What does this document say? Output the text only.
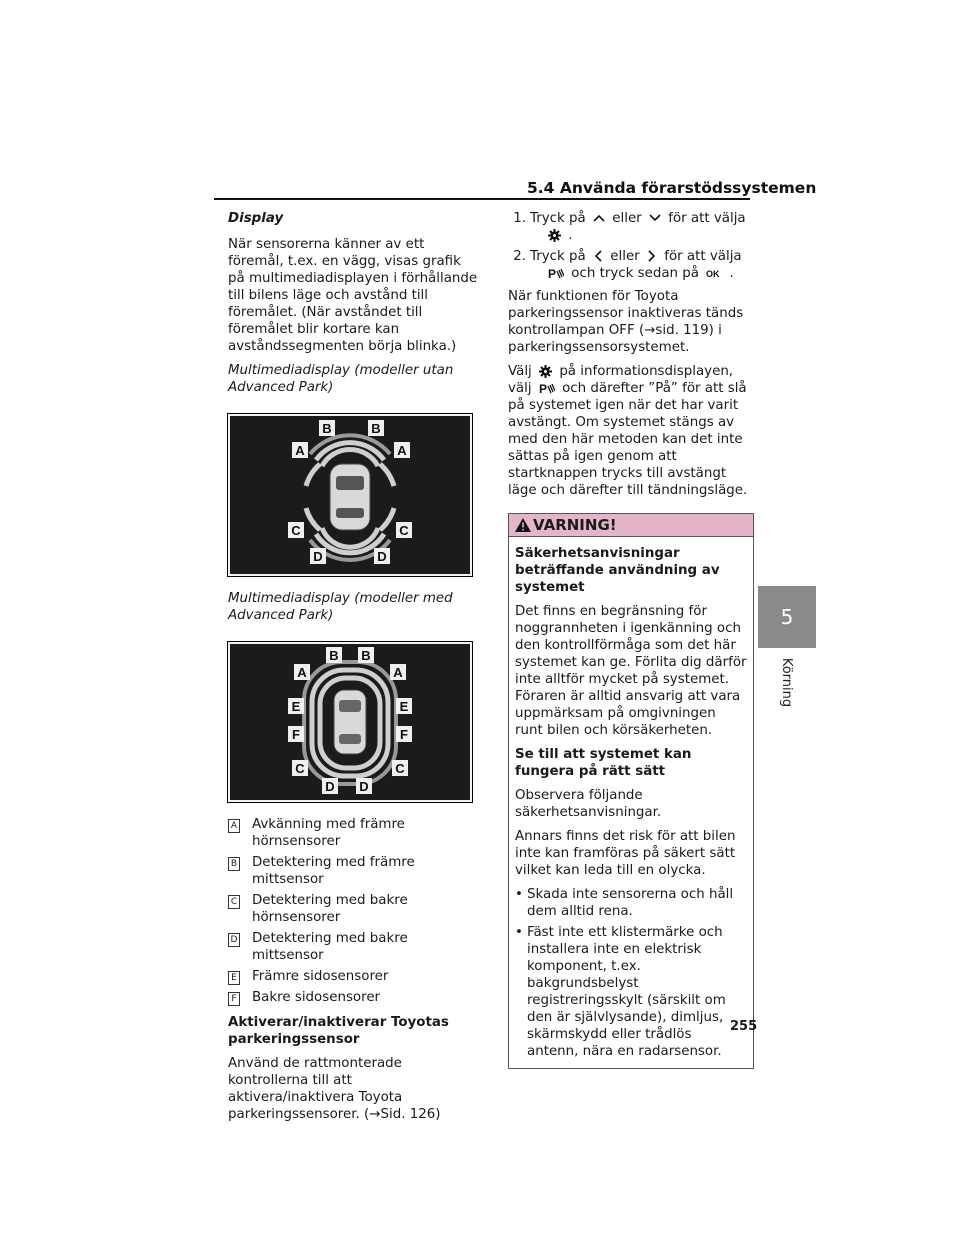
5.4 Använda förarstödssystemen
5
Körning

Display

När sensorerna känner av ett föremål, t.ex. en vägg, visas grafik på multimediadisplayen i förhållande till bilens läge och avstånd till föremålet. (När avståndet till föremålet blir kortare kan avståndssegmenten börja blinka.)

Multimediadisplay (modeller utan Advanced Park)

B	B
A	A
C	C
D	D

Multimediadisplay (modeller med Advanced Park)

B B
A	A
E	E
F	F
C	C
D D
A Avkänning med främre hörnsensorer
B Detektering med främre mittsensor
C Detektering med bakre hörnsensorer
D Detektering med bakre mittsensor
E Främre sidosensorer
F Bakre sidosensorer

Aktiverar/inaktiverar Toyotas parkeringssensor

Använd de rattmonterade kontrollerna till att aktivera/inaktivera Toyota parkeringssensorer. (→Sid. 126)

1. Tryck på eller för att välja
.
2. Tryck på eller för att välja

P och tryck sedan på OK .

När funktionen för Toyota parkeringssensor inaktiveras tänds kontrollampan OFF (→sid. 119) i parkeringssensorsystemet.

Välj på informationsdisplayen, välj P och därefter ”På” för att slå på systemet igen när det har varit avstängt. Om systemet stängs av med den här metoden kan det inte sättas på igen genom att startknappen trycks till avstängt läge och därefter till tändningsläge.

VARNING!

Säkerhetsanvisningar beträffande användning av systemet

Det finns en begränsning för noggrannheten i igenkänning och den kontrollförmåga som det här systemet kan ge. Förlita dig därför inte alltför mycket på systemet. Föraren är alltid ansvarig att vara uppmärksam på omgivningen runt bilen och körsäkerheten.

Se till att systemet kan fungera på rätt sätt

Observera följande säkerhetsanvisningar.

Annars finns det risk för att bilen inte kan framföras på säkert sätt vilket kan leda till en olycka.

• Skada inte sensorerna och håll dem alltid rena.
• Fäst inte ett klistermärke och installera inte en elektrisk komponent, t.ex. bakgrundsbelyst registreringsskylt (särskilt om den är självlysande), dimljus, skärmskydd eller trådlös antenn, nära en radarsensor.
255
